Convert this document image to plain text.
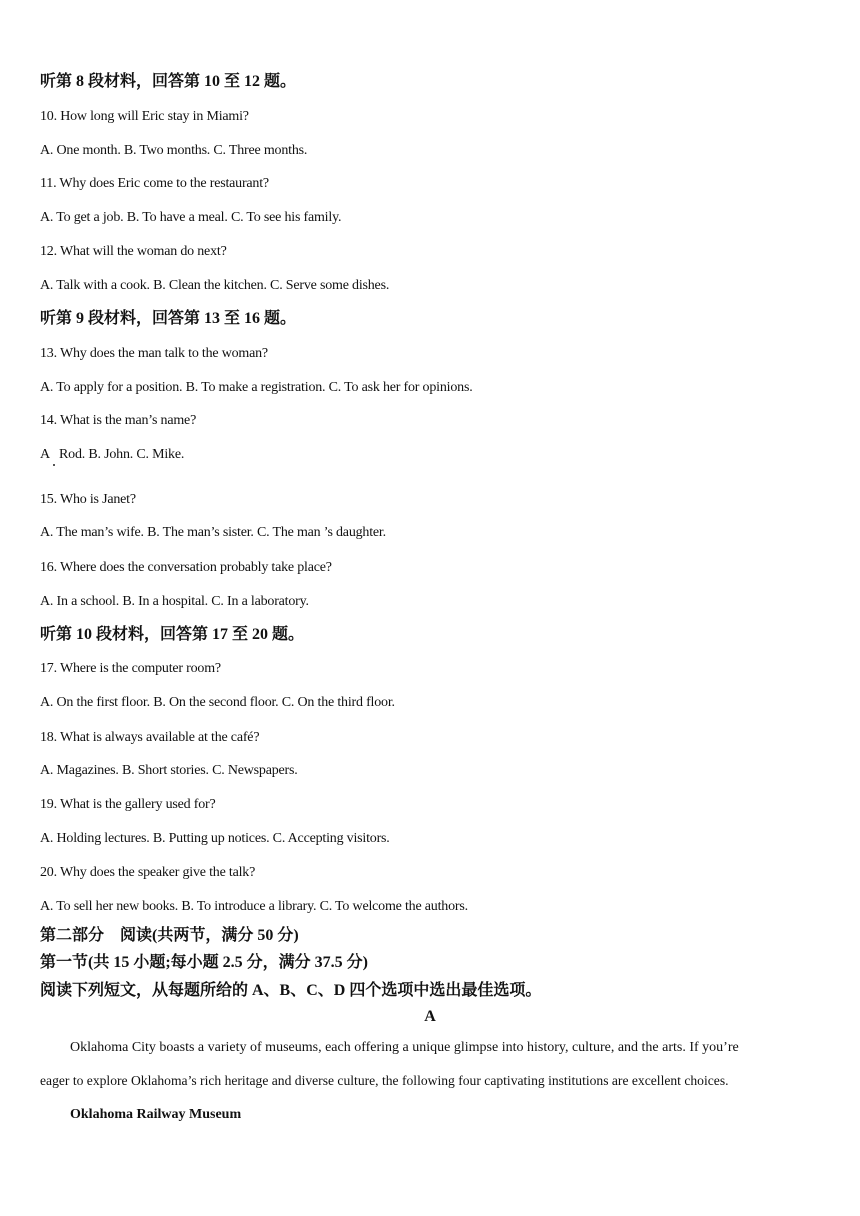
听第 8 段材料，回答第 10 至 12 题。
10. How long will Eric stay in Miami?
A. One month. B. Two months. C. Three months.
11. Why does Eric come to the restaurant?
A. To get a job. B. To have a meal. C. To see his family.
12. What will the woman do next?
A. Talk with a cook. B. Clean the kitchen. C. Serve some dishes.
听第 9 段材料，回答第 13 至 16 题。
13. Why does the man talk to the woman?
A. To apply for a position. B. To make a registration. C. To ask her for opinions.
14. What is the man’s name?
A   Rod. B. John. C. Mike.
15. Who is Janet?
A. The man’s wife. B. The man’s sister. C. The man ’s daughter.
16. Where does the conversation probably take place?
A. In a school. B. In a hospital. C. In a laboratory.
听第 10 段材料，回答第 17 至 20 题。
17. Where is the computer room?
A. On the first floor. B. On the second floor. C. On the third floor.
18. What is always available at the café?
A. Magazines. B. Short stories. C. Newspapers.
19. What is the gallery used for?
A. Holding lectures. B. Putting up notices. C. Accepting visitors.
20. Why does the speaker give the talk?
A. To sell her new books. B. To introduce a library. C. To welcome the authors.
第二部分    阅读(共两节，满分 50 分)
第一节(共 15 小题;每小题 2.5 分，满分 37.5 分)
阅读下列短文，从每题所给的 A、B、C、D 四个选项中选出最佳选项。
A
Oklahoma City boasts a variety of museums, each offering a unique glimpse into history, culture, and the arts. If you’re
eager to explore Oklahoma’s rich heritage and diverse culture, the following four captivating institutions are excellent choices.
Oklahoma Railway Museum
